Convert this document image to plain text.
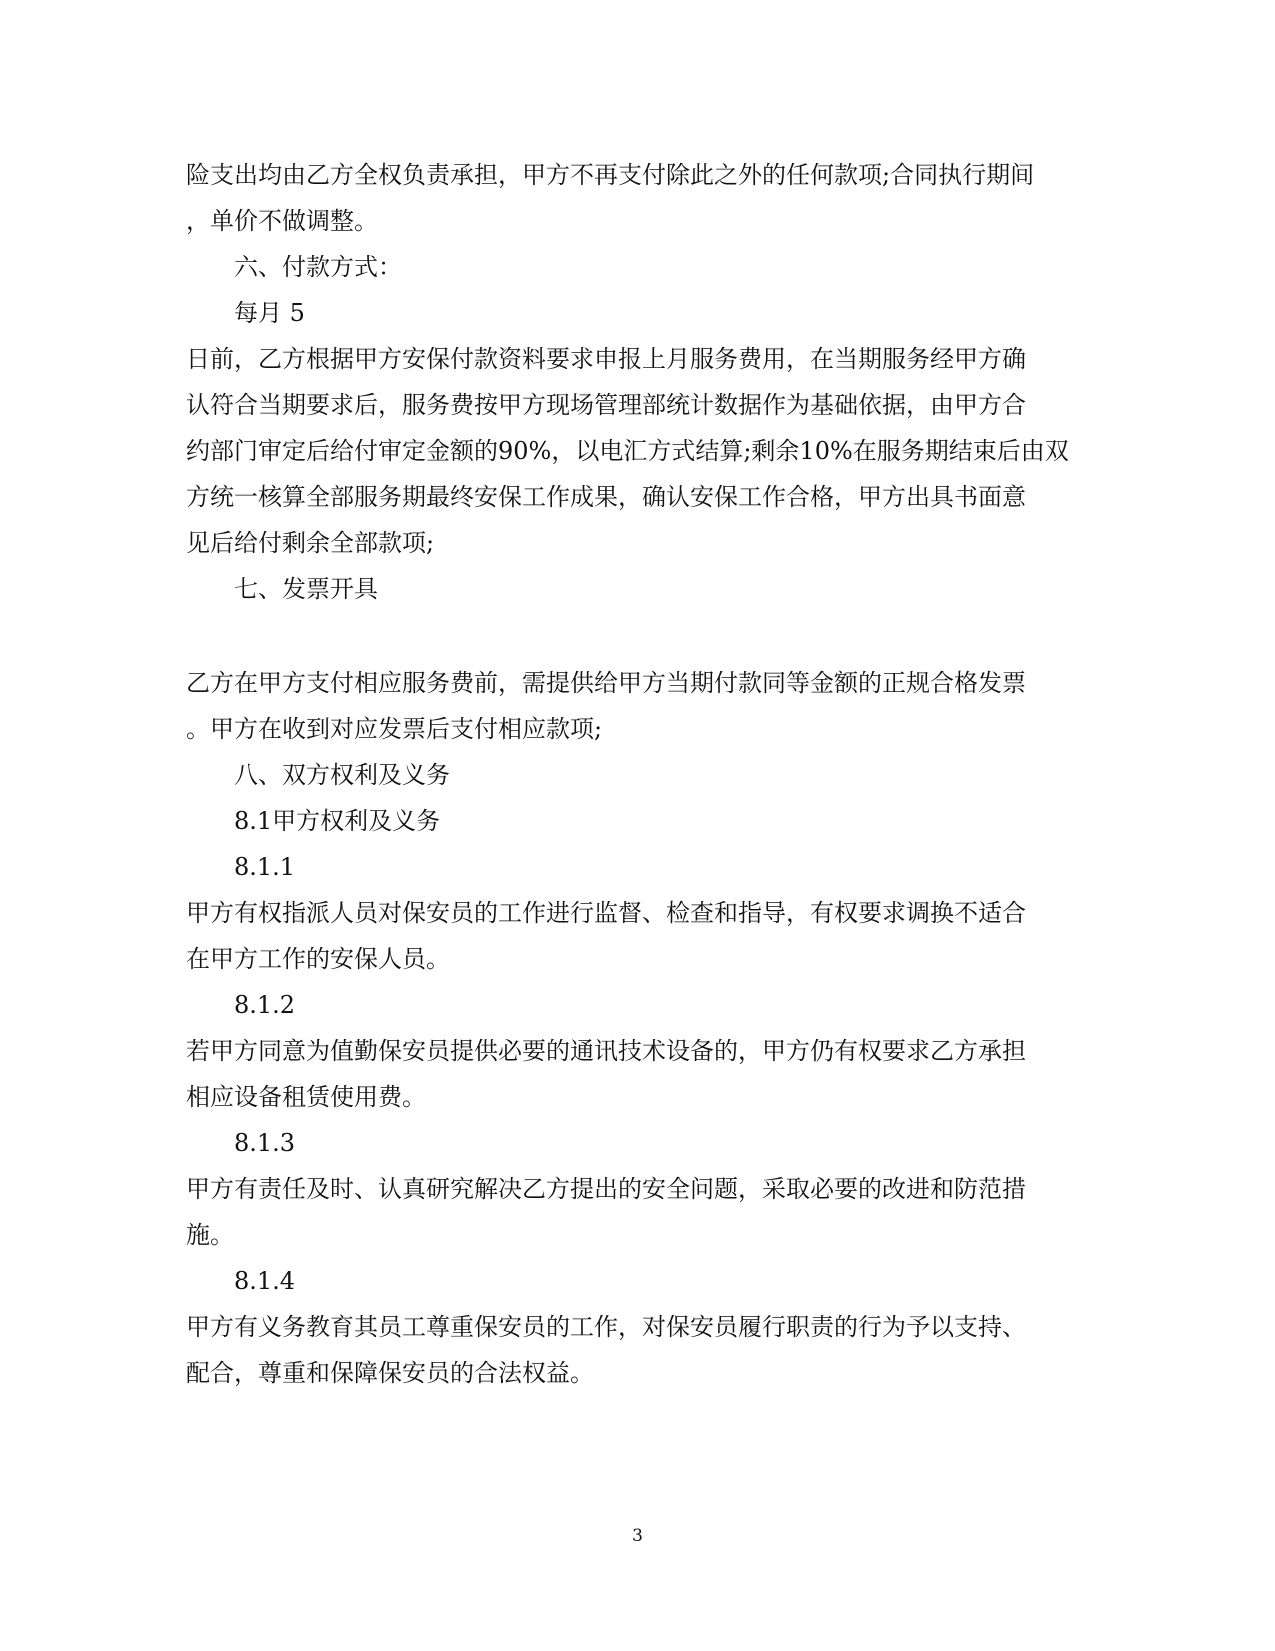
险支出均由乙方全权负责承担，甲方不再支付除此之外的任何款项;合同执行期间
，单价不做调整。
六、付款方式：
每月 5
日前，乙方根据甲方安保付款资料要求申报上月服务费用，在当期服务经甲方确
认符合当期要求后，服务费按甲方现场管理部统计数据作为基础依据，由甲方合
约部门审定后给付审定金额的90%，以电汇方式结算;剩余10%在服务期结束后由双
方统一核算全部服务期最终安保工作成果，确认安保工作合格，甲方出具书面意
见后给付剩余全部款项;
七、发票开具
乙方在甲方支付相应服务费前，需提供给甲方当期付款同等金额的正规合格发票
。甲方在收到对应发票后支付相应款项;
八、双方权利及义务
8.1甲方权利及义务
8.1.1
甲方有权指派人员对保安员的工作进行监督、检查和指导，有权要求调换不适合
在甲方工作的安保人员。
8.1.2
若甲方同意为值勤保安员提供必要的通讯技术设备的，甲方仍有权要求乙方承担
相应设备租赁使用费。
8.1.3
甲方有责任及时、认真研究解决乙方提出的安全问题，采取必要的改进和防范措
施。
8.1.4
甲方有义务教育其员工尊重保安员的工作，对保安员履行职责的行为予以支持、
配合，尊重和保障保安员的合法权益。
3
